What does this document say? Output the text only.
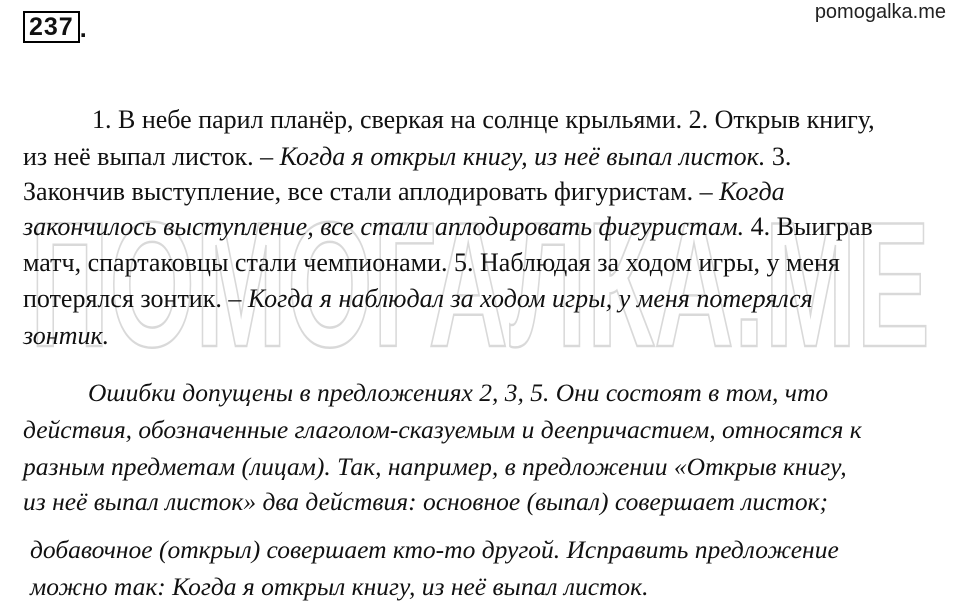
ПОМОГАЛКА.МЕ
237 .
pomogalka.me
1. В небе парил планёр, сверкая на солнце крыльями. 2. Открыв книгу,
из неё выпал листок. – Когда я открыл книгу, из неё выпал листок. 3.
Закончив выступление, все стали аплодировать фигуристам. – Когда
закончилось выступление, все стали аплодировать фигуристам. 4. Выиграв
матч, спартаковцы стали чемпионами. 5. Наблюдая за ходом игры, у меня
потерялся зонтик. – Когда я наблюдал за ходом игры, у меня потерялся
зонтик.
Ошибки допущены в предложениях 2, 3, 5. Они состоят в том, что
действия, обозначенные глаголом-сказуемым и деепричастием, относятся к
разным предметам (лицам). Так, например, в предложении «Открыв книгу,
из неё выпал листок» два действия: основное (выпал) совершает листок;
добавочное (открыл) совершает кто-то другой. Исправить предложение
можно так: Когда я открыл книгу, из неё выпал листок.
